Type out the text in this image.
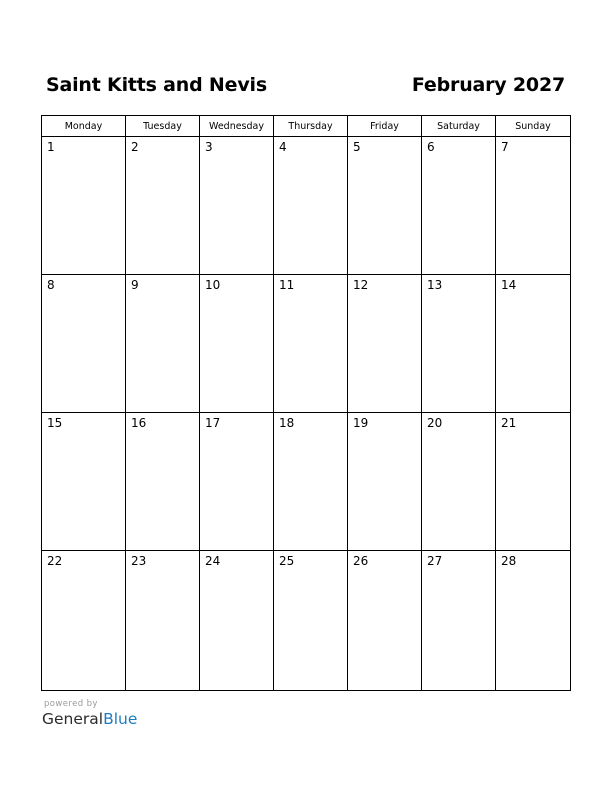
Saint Kitts and Nevis	February 2027
Monday	Tuesday	Wednesday	Thursday	Friday	Saturday	Sunday
1	2	3	4	5	6	7
8	9	10	11	12	13	14
15	16	17	18	19	20	21
22	23	24	25	26	27	28
powered by
GeneralBlue
